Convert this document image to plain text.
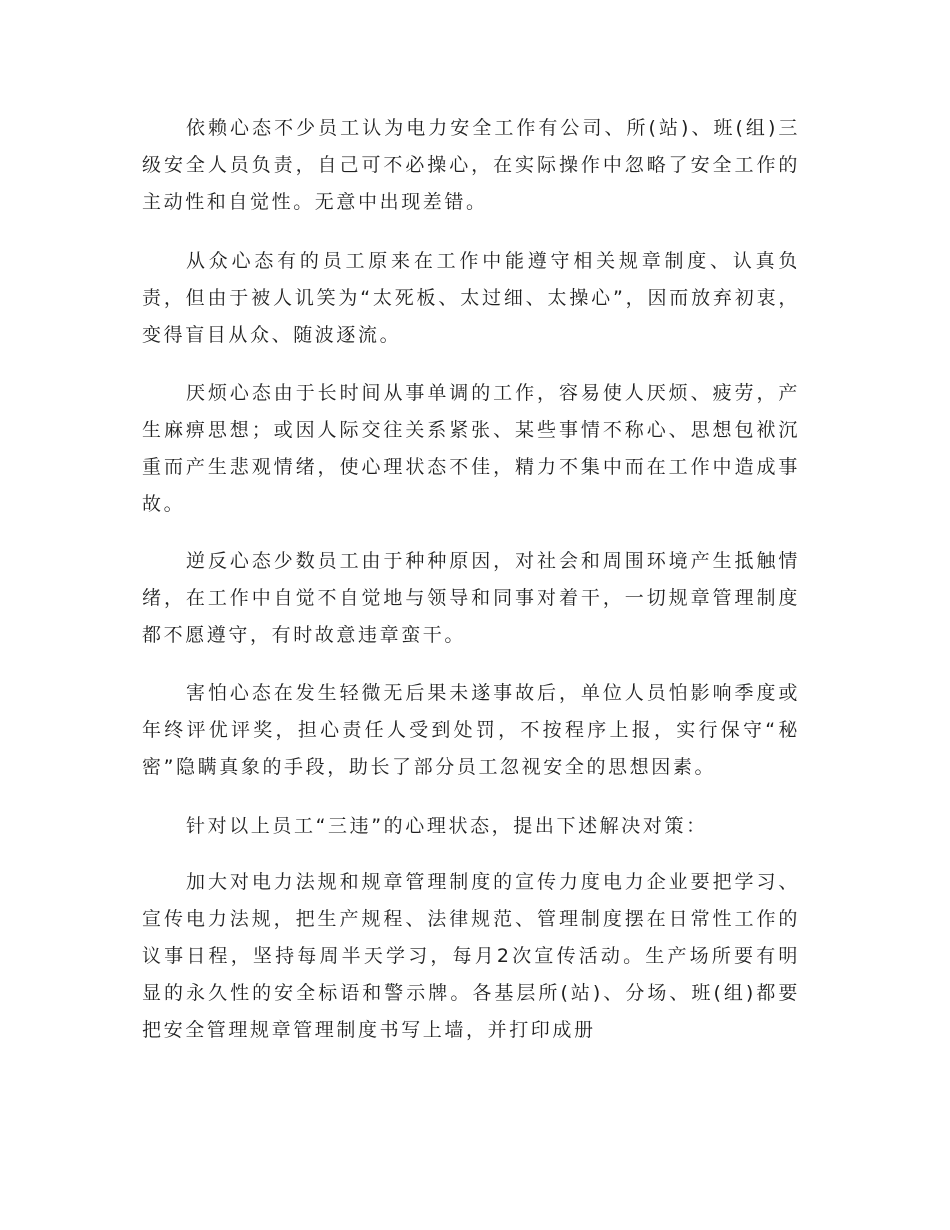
依赖心态不少员工认为电力安全工作有公司、所(站)、班(组)三级安全人员负责，自己可不必操心，在实际操作中忽略了安全工作的主动性和自觉性。无意中出现差错。

从众心态有的员工原来在工作中能遵守相关规章制度、认真负责，但由于被人讥笑为“太死板、太过细、太操心”，因而放弃初衷，变得盲目从众、随波逐流。

厌烦心态由于长时间从事单调的工作，容易使人厌烦、疲劳，产生麻痹思想；或因人际交往关系紧张、某些事情不称心、思想包袱沉重而产生悲观情绪，使心理状态不佳，精力不集中而在工作中造成事故。

逆反心态少数员工由于种种原因，对社会和周围环境产生抵触情绪，在工作中自觉不自觉地与领导和同事对着干，一切规章管理制度都不愿遵守，有时故意违章蛮干。

害怕心态在发生轻微无后果未遂事故后，单位人员怕影响季度或年终评优评奖，担心责任人受到处罚，不按程序上报，实行保守“秘密”隐瞒真象的手段，助长了部分员工忽视安全的思想因素。

针对以上员工“三违”的心理状态，提出下述解决对策：

加大对电力法规和规章管理制度的宣传力度电力企业要把学习、宣传电力法规，把生产规程、法律规范、管理制度摆在日常性工作的议事日程，坚持每周半天学习，每月2次宣传活动。生产场所要有明显的永久性的安全标语和警示牌。各基层所(站)、分场、班(组)都要把安全管理规章管理制度书写上墙，并打印成册
